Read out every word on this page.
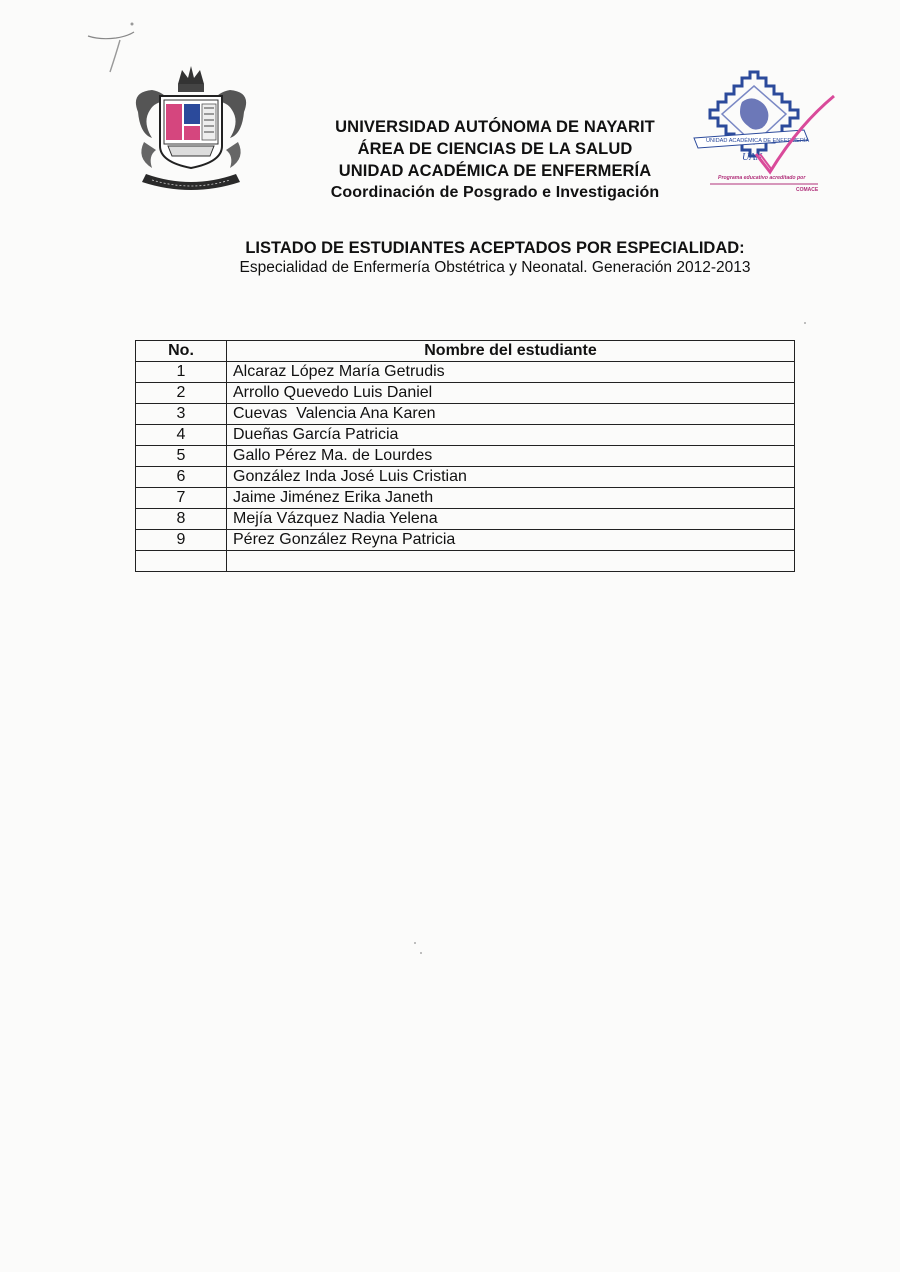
UNIDAD ACADÉMICA DE ENFERMERÍA
UAN
Programa educativo acreditado por
COMACE
UNIVERSIDAD AUTÓNOMA DE NAYARIT
ÁREA DE CIENCIAS DE LA SALUD
UNIDAD ACADÉMICA DE ENFERMERÍA
Coordinación de Posgrado e Investigación
LISTADO DE ESTUDIANTES ACEPTADOS POR ESPECIALIDAD:
Especialidad de Enfermería Obstétrica y Neonatal. Generación 2012-2013
No.	Nombre del estudiante
1	Alcaraz López María Getrudis
2	Arrollo Quevedo Luis Daniel
3	Cuevas  Valencia Ana Karen
4	Dueñas García Patricia
5	Gallo Pérez Ma. de Lourdes
6	González Inda José Luis Cristian
7	Jaime Jiménez Erika Janeth
8	Mejía Vázquez Nadia Yelena
9	Pérez González Reyna Patricia
